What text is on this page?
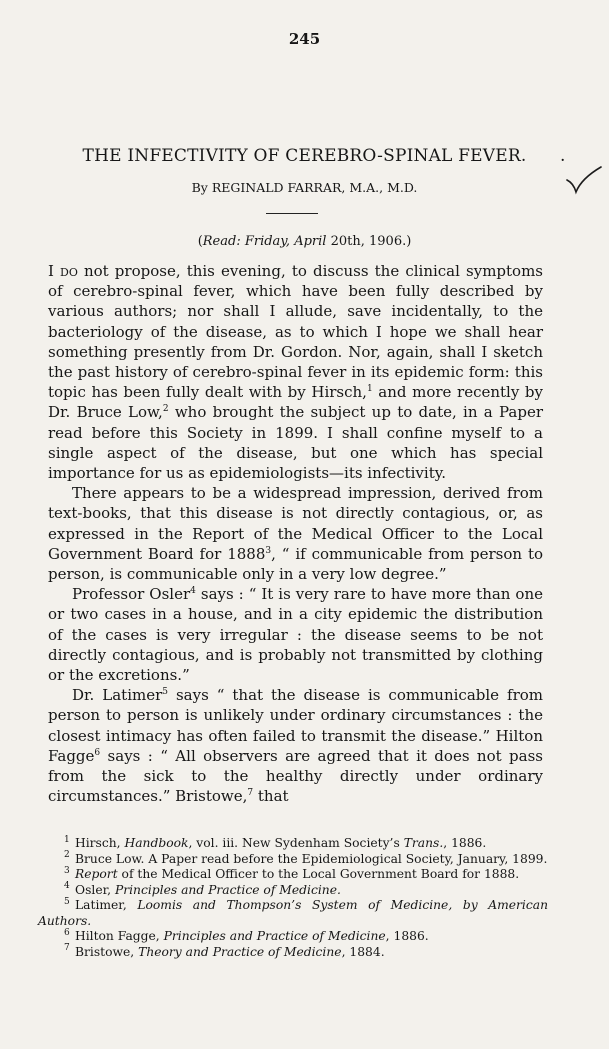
245
THE INFECTIVITY OF CEREBRO-SPINAL FEVER.	.
By REGINALD FARRAR, M.A., M.D.
(Read: Friday, April 20th, 1906.)

I do not propose, this evening, to discuss the clinical symptoms of cerebro-spinal fever, which have been fully described by various authors; nor shall I allude, save incidentally, to the bacteriology of the disease, as to which I hope we shall hear something presently from Dr. Gordon. Nor, again, shall I sketch the past history of cerebro-spinal fever in its epidemic form: this topic has been fully dealt with by Hirsch,$^1$ and more recently by Dr. Bruce Low,$^2$ who brought the subject up to date, in a Paper read before this Society in 1899. I shall confine myself to a single aspect of the disease, but one which has special importance for us as epidemiologists—its infectivity.

There appears to be a widespread impression, derived from text-books, that this disease is not directly contagious, or, as expressed in the Report of the Medical Officer to the Local Government Board for 1888$^3$, “ if communicable from person to person, is communicable only in a very low degree.”

Professor Osler$^4$ says : “ It is very rare to have more than one or two cases in a house, and in a city epidemic the distribution of the cases is very irregular : the disease seems to be not directly contagious, and is probably not transmitted by clothing or the excretions.”

Dr. Latimer$^5$ says “ that the disease is communicable from person to person is unlikely under ordinary circumstances : the closest intimacy has often failed to transmit the disease.” Hilton Fagge$^6$ says : “ All observers are agreed that it does not pass from the sick to the healthy directly under ordinary circumstances.” Bristowe,$^7$ that

1 Hirsch, Handbook, vol. iii. New Sydenham Society’s Trans., 1886.
2 Bruce Low. A Paper read before the Epidemiological Society, January, 1899.
3 Report of the Medical Officer to the Local Government Board for 1888.
4 Osler, Principles and Practice of Medicine.
5 Latimer, Loomis and Thompson’s System of Medicine, by American Authors.
6 Hilton Fagge, Principles and Practice of Medicine, 1886.
7 Bristowe, Theory and Practice of Medicine, 1884.
